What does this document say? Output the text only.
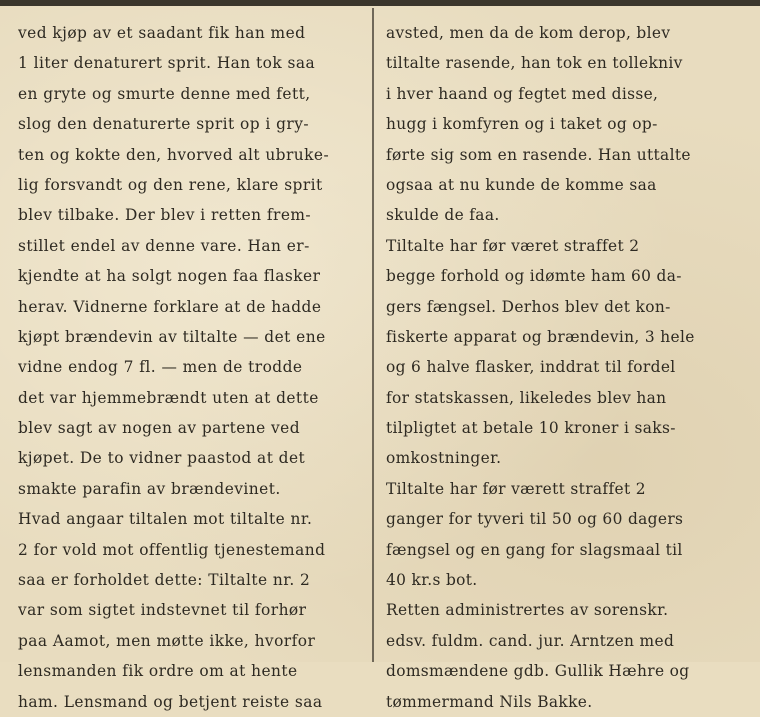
ved kjøp av et saadant fik han med
1 liter denaturert sprit. Han tok saa
en gryte og smurte denne med fett,
slog den denaturerte sprit op i gry-
ten og kokte den, hvorved alt ubruke-
lig forsvandt og den rene, klare sprit
blev tilbake. Der blev i retten frem-
stillet endel av denne vare. Han er-
kjendte at ha solgt nogen faa flasker
herav. Vidnerne forklare at de hadde
kjøpt brændevin av tiltalte — det ene
vidne endog 7 fl. — men de trodde
det var hjemmebrændt uten at dette
blev sagt av nogen av partene ved
kjøpet. De to vidner paastod at det
smakte parafin av brændevinet.
Hvad angaar tiltalen mot tiltalte nr.
2 for vold mot offentlig tjenestemand
saa er forholdet dette: Tiltalte nr. 2
var som sigtet indstevnet til forhør
paa Aamot, men møtte ikke, hvorfor
lensmanden fik ordre om at hente
ham. Lensmand og betjent reiste saa
avsted, men da de kom derop, blev
tiltalte rasende, han tok en tollekniv
i hver haand og fegtet med disse,
hugg i komfyren og i taket og op-
førte sig som en rasende. Han uttalte
ogsaa at nu kunde de komme saa
skulde de faa.
Tiltalte har før været straffet 2
begge forhold og idømte ham 60 da-
gers fængsel. Derhos blev det kon-
fiskerte apparat og brændevin, 3 hele
og 6 halve flasker, inddrat til fordel
for statskassen, likeledes blev han
tilpligtet at betale 10 kroner i saks-
omkostninger.
Tiltalte har før værett straffet 2
ganger for tyveri til 50 og 60 dagers
fængsel og en gang for slagsmaal til
40 kr.s bot.
Retten administrertes av sorenskr.
edsv. fuldm. cand. jur. Arntzen med
domsmændene gdb. Gullik Hæhre og
tømmermand Nils Bakke.
